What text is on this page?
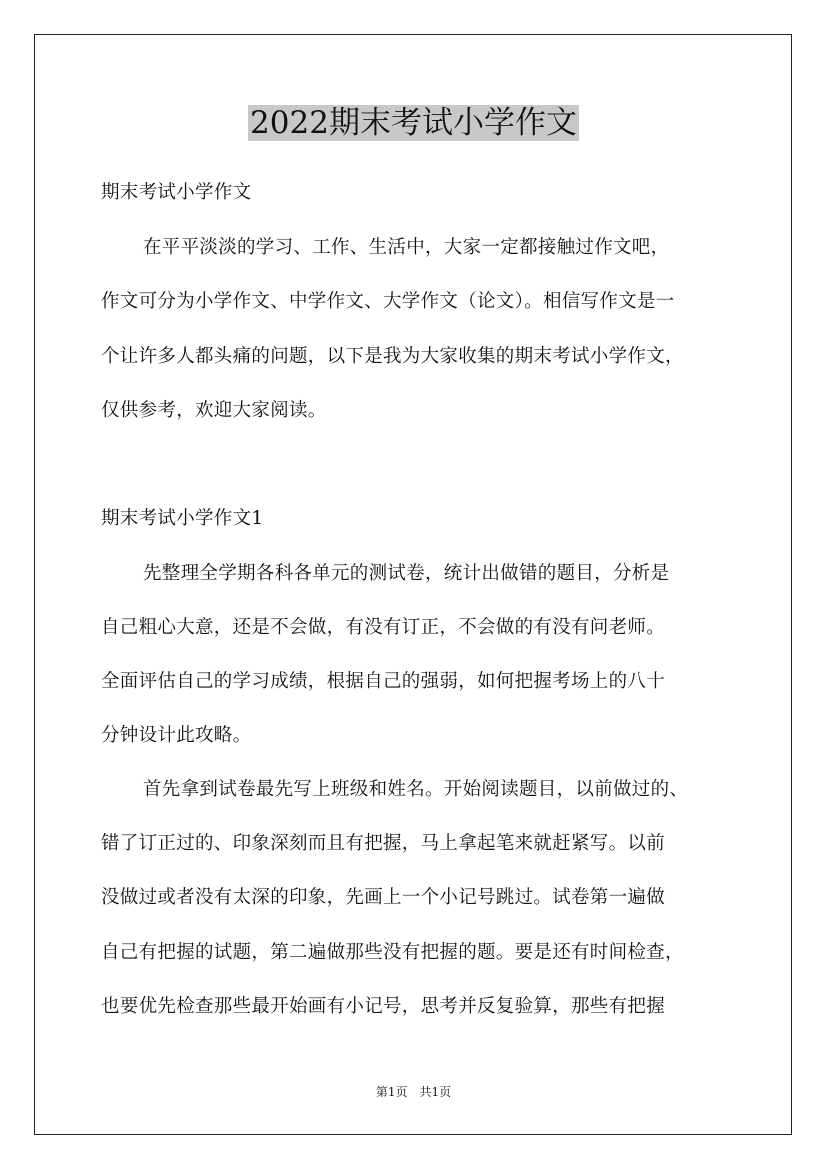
2022期末考试小学作文
期末考试小学作文
在平平淡淡的学习、工作、生活中，大家一定都接触过作文吧，
作文可分为小学作文、中学作文、大学作文（论文）。相信写作文是一
个让许多人都头痛的问题，以下是我为大家收集的期末考试小学作文，
仅供参考，欢迎大家阅读。
期末考试小学作文1
先整理全学期各科各单元的测试卷，统计出做错的题目，分析是
自己粗心大意，还是不会做，有没有订正，不会做的有没有问老师。
全面评估自己的学习成绩，根据自己的强弱，如何把握考场上的八十
分钟设计此攻略。
首先拿到试卷最先写上班级和姓名。开始阅读题目，以前做过的、
错了订正过的、印象深刻而且有把握，马上拿起笔来就赶紧写。以前
没做过或者没有太深的印象，先画上一个小记号跳过。试卷第一遍做
自己有把握的试题，第二遍做那些没有把握的题。要是还有时间检查，
也要优先检查那些最开始画有小记号，思考并反复验算，那些有把握
第1页　共1页
